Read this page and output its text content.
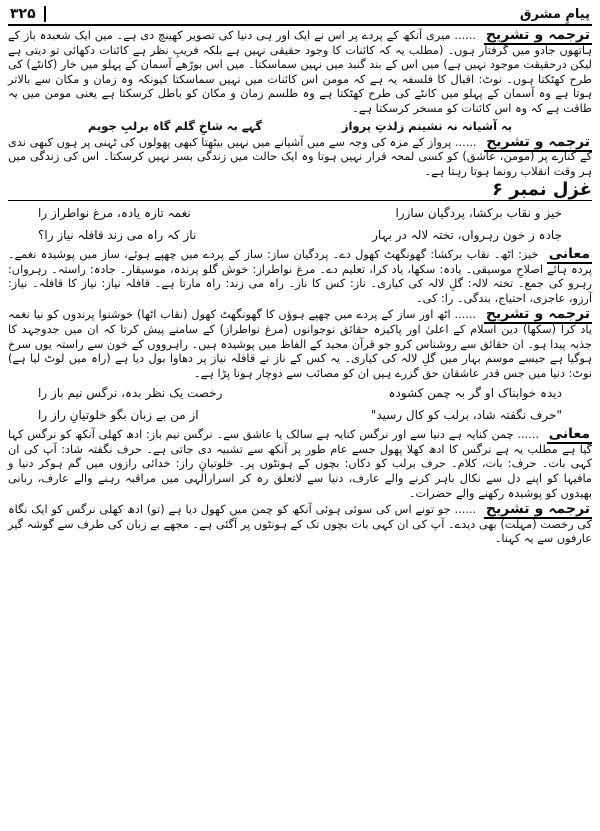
۳۲۵	پیامِ مشرق

ترجمہ و تشریح ...... میری آنکھ کے پردے پر اس نے ایک اور ہی دنیا کی تصویر کھینچ دی ہے۔ میں ایک شعبدہ باز کے ہاتھوں جادو میں گرفتار ہوں۔ (مطلب یہ کہ کائنات کا وجود حقیقی نہیں ہے بلکہ فریبِ نظر ہے کائنات دکھائی تو دیتی ہے لیکن درحقیقت موجود نہیں ہے) میں اس کے بند گنبد میں نہیں سماسکتا۔ میں اس بوڑھے آسمان کے پہلو میں خار (کانٹے) کی طرح کھٹکتا ہوں۔ نوٹ: اقبال کا فلسفہ یہ ہے کہ مومن اس کائنات میں نہیں سماسکتا کیونکہ وہ زمان و مکان سے بالاتر ہوتا ہے وہ آسمان کے پہلو میں کانٹے کی طرح کھٹکتا ہے وہ طلسم زمان و مکان کو باطل کرسکتا ہے یعنی مومن میں یہ طاقت ہے کہ وہ اس کائنات کو مسخر کرسکتا ہے۔

بہ آشیانہ نہ نشینم زلذتِ پرواز
گہے بہ شاخِ گلم گاہ برلبِ جویم

ترجمہ و تشریح ...... پرواز کے مزہ کی وجہ سے میں آشیانے میں نہیں بیٹھتا کبھی پھولوں کی ٹہنی پر ہوں کبھی ندی کے کنارے پر (مومن، عاشق) کو کسی لمحہ قرار نہیں ہوتا وہ ایک حالت میں زندگی بسر نہیں کرسکتا۔ اس کی زندگی میں ہر وقت انقلاب رونما ہوتا رہتا ہے۔

غزل نمبر ۶
خیز و نقاب برکشا، پردگیان سازرا
نغمہ تازہ یادہ، مرغ نواطراز را
جادہ ز خون رہرواں، تختہ لالہ در بہار
ناز کہ راہ می زند قافلہ نیاز را؟

معانی خیز: اٹھ۔ نقاب برکشا: گھونگھٹ کھول دے۔ پردگیان ساز: ساز کے پردے میں چھپے ہوئے، ساز میں پوشیدہ نغمے۔ پردہ ہائے اصلاحِ موسیقی۔ یادہ: سکھا، یاد کرا، تعلیم دے۔ مرغ نواطراز: خوش گلو پرندہ، موسیقار۔ جادہ: راستہ۔ رہرواں: رہرو کی جمع۔ تختہ لالہ: گلِ لالہ کی کیاری۔ ناز: کس کا ناز۔ راہ می زند: راہ مارتا ہے۔ قافلہ نیاز: نیاز کا قافلہ۔ نیاز: آرزو، عاجزی، احتیاج، بندگی۔ را: کی۔

ترجمہ و تشریح ...... اٹھ اور ساز کے پردے میں چھپے ہوؤں کا گھونگھٹ کھول (نقاب اٹھا) خوشنوا پرندوں کو نیا نغمہ یاد کرا (سکھا) دین اسلام کے اعلیٰ اور پاکیزہ حقائق نوجوانوں (مرغ نواطراز) کے سامنے پیش کرتا کہ ان میں جدوجہد کا جذبہ پیدا ہو۔ ان حقائق سے روشناس کرو جو قرآن مجید کے الفاظ میں پوشیدہ ہیں۔ راہرووں کے خون سے راستہ یوں سرخ ہوگیا ہے جیسے موسم بہار میں گلِ لالہ کی کیاری۔ یہ کس کے ناز نے قافلہ نیاز پر دھاوا بول دیا ہے (راہ میں لوٹ لیا ہے) نوٹ: دنیا میں جس قدر عاشقان حق گزرے ہیں ان کو مصائب سے دوچار ہونا پڑا ہے۔

دیدہ خوابناک او گر بہ چمن کشودہ
رخصت یک نظر بدہ، نرگس نیم باز را
"حرف نگفتہ شاد، برلب کو کال رسید"
از من بے زبان بگو خلوتیانِ راز را

معانی ...... چمن کنایہ ہے دنیا سے اور نرگس کنایہ ہے سالک یا عاشق سے۔ نرگس نیم باز: ادھ کھلی آنکھ کو نرگس کہا گیا ہے مطلب یہ ہے نرگس کا ادھ کھلا پھول جسے عام طور پر آنکھ سے تشبیہ دی جاتی ہے۔ حرف نگفتہ شاد: آپ کی ان کہی بات۔ حرف: بات، کلام۔ حرف برلب کو دکاں: بچوں کے ہونٹوں پر۔ خلوتیانِ راز: خدائی رازوں میں گم ہوکر دنیا و مافیہا کو اپنے دل سے نکال باہر کرنے والے عارف، دنیا سے لاتعلق رہ کر اسرارالٰہی میں مراقبہ رہنے والے عارف، ربانی بھیدوں کو پوشیدہ رکھنے والے حضرات۔

ترجمہ و تشریح ...... جو تونے اس کی سوئی ہوئی آنکھ کو چمن میں کھول دیا ہے (تو) ادھ کھلی نرگس کو ایک نگاہ کی رخصت (مہلت) بھی دیدے۔ آپ کی ان کہی بات بچوں تک کے ہونٹوں پر آگئی ہے۔ مجھے بے زبان کی طرف سے گوشہ گیر عارفوں سے یہ کہنا۔
